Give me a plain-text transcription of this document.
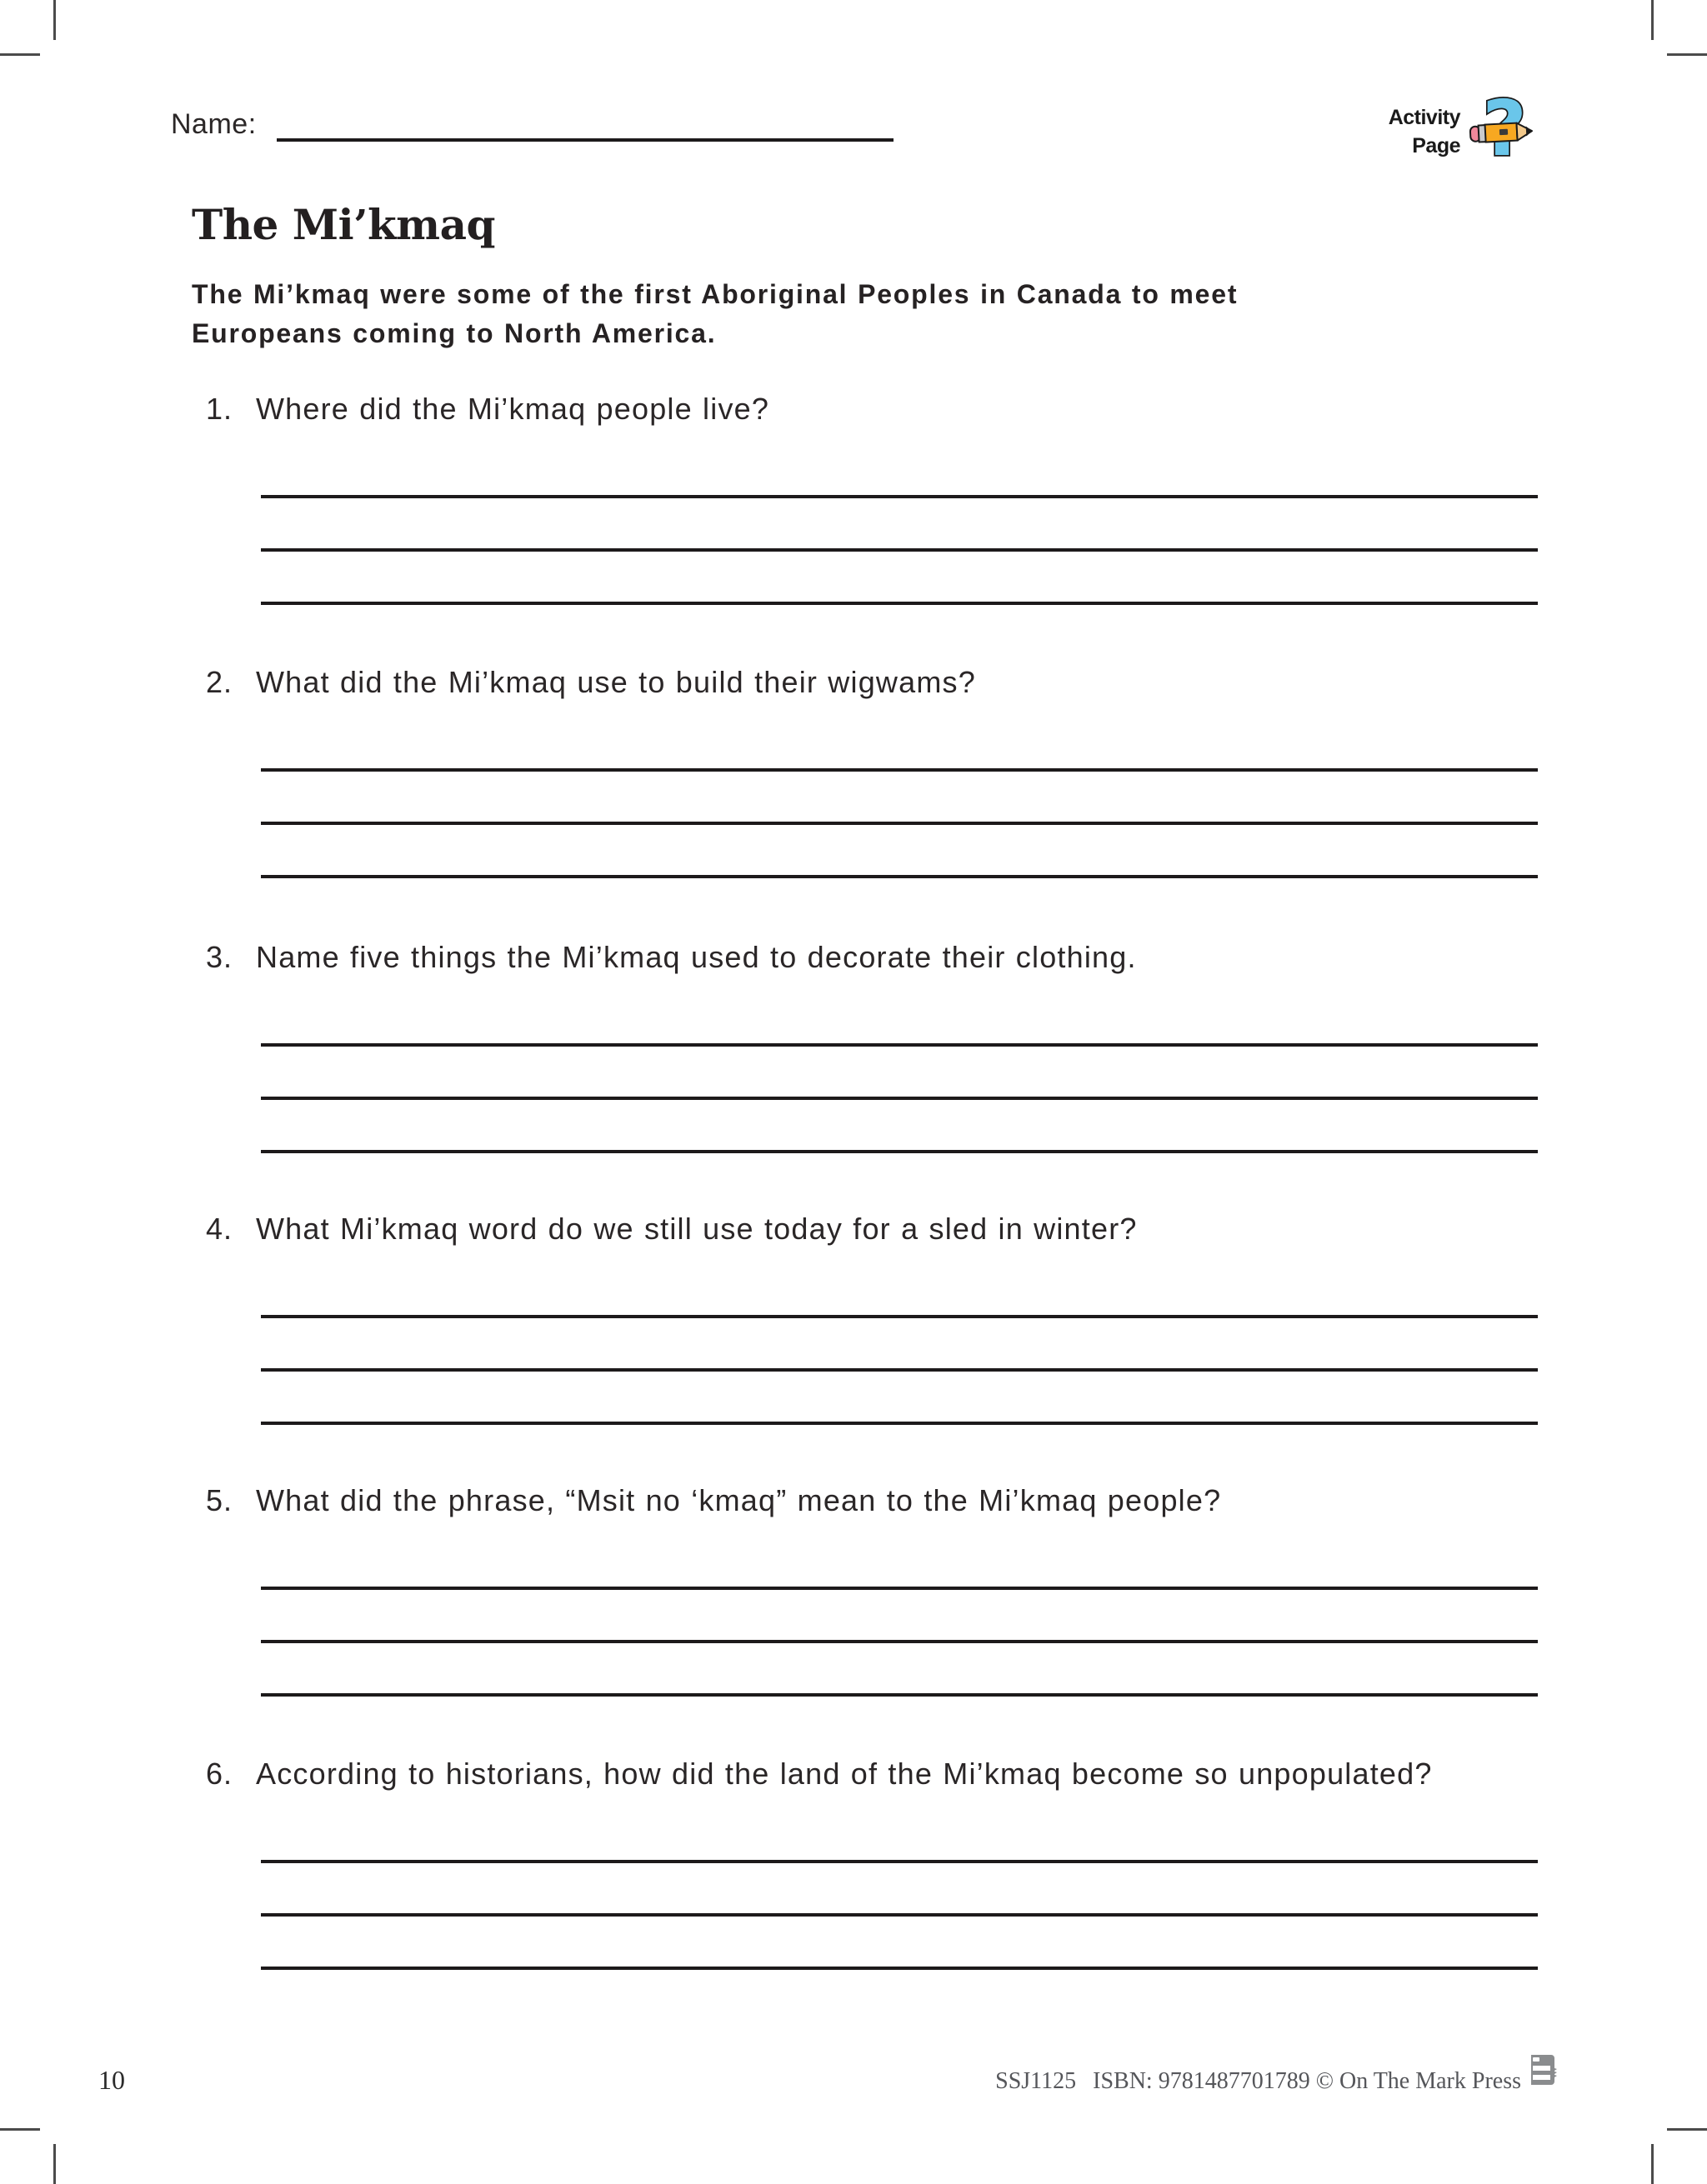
Name:	Activity
Page
The Mi’kmaq
The Mi’kmaq were some of the first Aboriginal Peoples in Canada to meet
Europeans coming to North America.
1. Where did the Mi’kmaq people live?
2. What did the Mi’kmaq use to build their wigwams?
3. Name five things the Mi’kmaq used to decorate their clothing.
4. What Mi’kmaq word do we still use today for a sled in winter?
5. What did the phrase, “Msit no ‘kmaq” mean to the Mi’kmaq people?
6. According to historians, how did the land of the Mi’kmaq become so unpopulated?
10	SSJ1125 ISBN: 9781487701789 © On The Mark Press
